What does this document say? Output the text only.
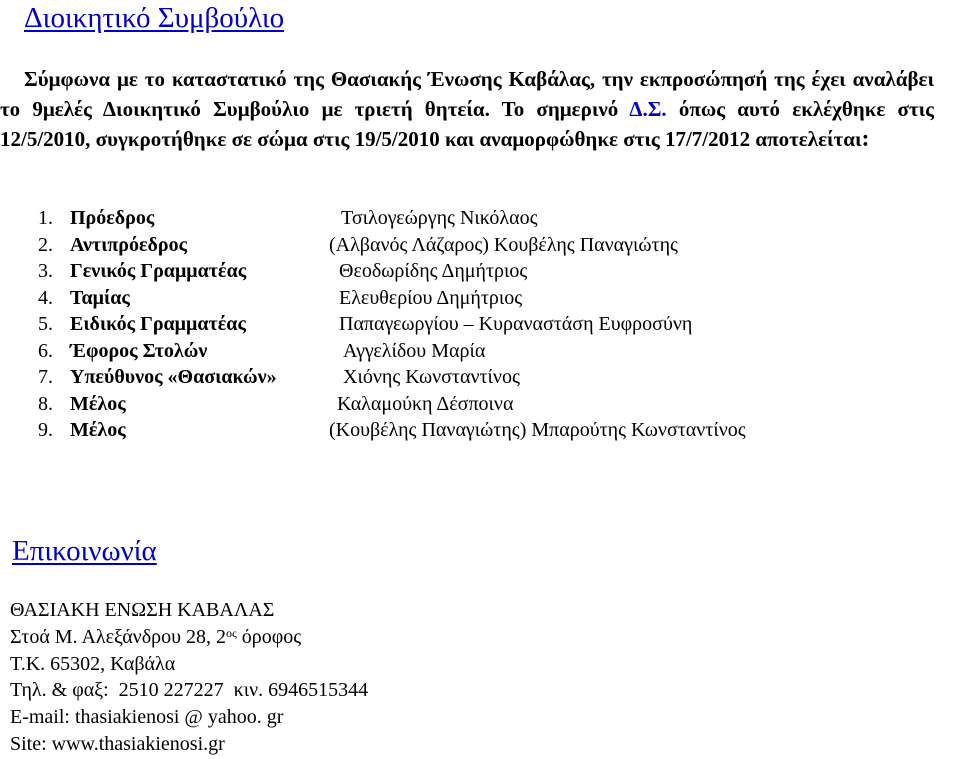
Διοικητικό Συμβούλιο

Σύμφωνα με το καταστατικό της Θασιακής Ένωσης Καβάλας, την εκπροσώπησή της έχει αναλάβει το 9μελές Διοικητικό Συμβούλιο με τριετή θητεία. Το σημερινό Δ.Σ. όπως αυτό εκλέχθηκε στις 12/5/2010, συγκροτήθηκε σε σώμα στις 19/5/2010 και αναμορφώθηκε στις 17/7/2012 αποτελείται:

1. Πρόεδρος	Τσιλογεώργης Νικόλαος
2. Αντιπρόεδρος	(Αλβανός Λάζαρος) Κουβέλης Παναγιώτης
3. Γενικός Γραμματέας	Θεοδωρίδης Δημήτριος
4. Ταμίας	Ελευθερίου Δημήτριος
5. Ειδικός Γραμματέας	Παπαγεωργίου – Κυραναστάση Ευφροσύνη
6. Έφορος Στολών	Αγγελίδου Μαρία
7. Υπεύθυνος «Θασιακών»	Χιόνης Κωνσταντίνος
8. Μέλος	Καλαμούκη Δέσποινα
9. Μέλος	(Κουβέλης Παναγιώτης) Μπαρούτης Κωνσταντίνος
Επικοινωνία
ΘΑΣΙΑΚΗ ΕΝΩΣΗ ΚΑΒΑΛΑΣ
Στοά Μ. Αλεξάνδρου 28, $2^{o\varsigma}$ όροφος
Τ.Κ. 65302, Καβάλα
Τηλ. & φαξ:  2510 227227  κιν. 6946515344
E-mail: thasiakienosi @ yahoo. gr
Site: www.thasiakienosi.gr
